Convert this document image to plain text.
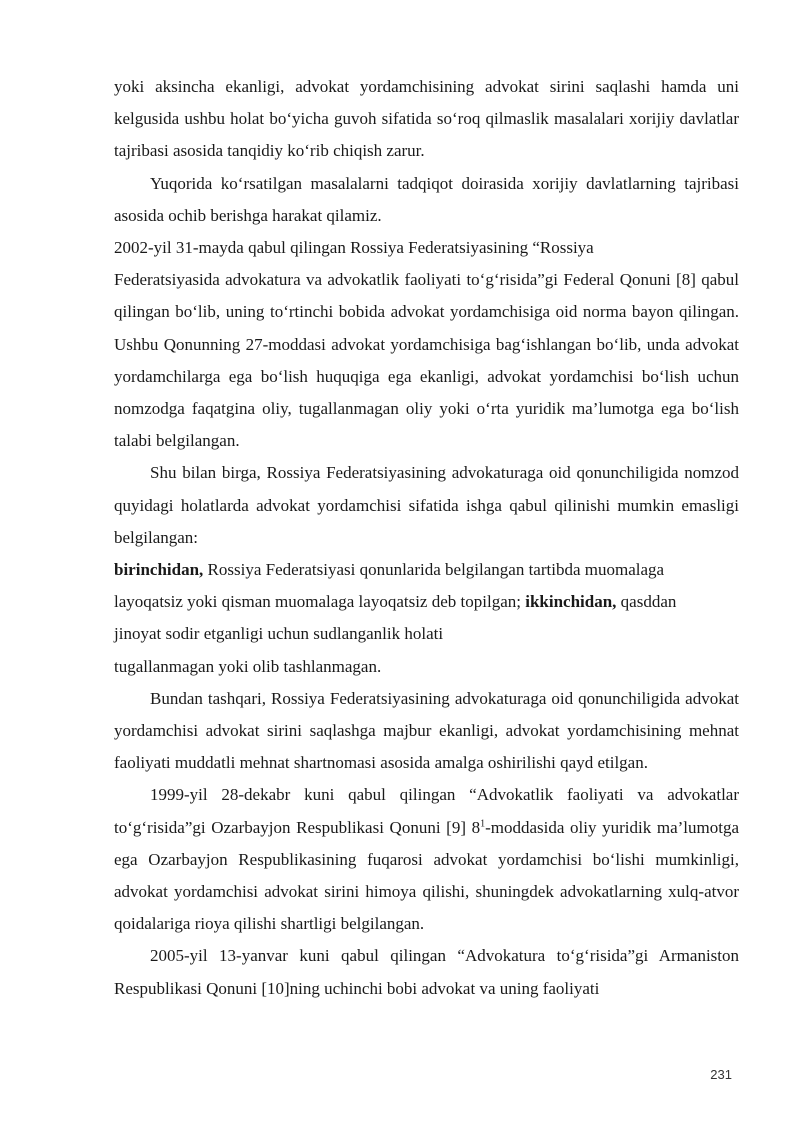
yoki aksincha ekanligi, advokat yordamchisining advokat sirini saqlashi hamda uni kelgusida ushbu holat bo‘yicha guvoh sifatida so‘roq qilmaslik masalalari xorijiy davlatlar tajribasi asosida tanqidiy ko‘rib chiqish zarur.

Yuqorida ko‘rsatilgan masalalarni tadqiqot doirasida xorijiy davlatlarning tajribasi asosida ochib berishga harakat qilamiz.

2002-yil 31-mayda qabul qilingan Rossiya Federatsiyasining “Rossiya

Federatsiyasida advokatura va advokatlik faoliyati to‘g‘risida”gi Federal Qonuni [8] qabul qilingan bo‘lib, uning to‘rtinchi bobida advokat yordamchisiga oid norma bayon qilingan. Ushbu Qonunning 27-moddasi advokat yordamchisiga bag‘ishlangan bo‘lib, unda advokat yordamchilarga ega bo‘lish huquqiga ega ekanligi, advokat yordamchisi bo‘lish uchun nomzodga faqatgina oliy, tugallanmagan oliy yoki o‘rta yuridik ma’lumotga ega bo‘lish talabi belgilangan.

Shu bilan birga, Rossiya Federatsiyasining advokaturaga oid qonunchiligida nomzod quyidagi holatlarda advokat yordamchisi sifatida ishga qabul qilinishi mumkin emasligi belgilangan:

birinchidan, Rossiya Federatsiyasi qonunlarida belgilangan tartibda muomalaga

layoqatsiz yoki qisman muomalaga layoqatsiz deb topilgan; ikkinchidan, qasddan

jinoyat sodir etganligi uchun sudlanganlik holati

tugallanmagan yoki olib tashlanmagan.

Bundan tashqari, Rossiya Federatsiyasining advokaturaga oid qonunchiligida advokat yordamchisi advokat sirini saqlashga majbur ekanligi, advokat yordamchisining mehnat faoliyati muddatli mehnat shartnomasi asosida amalga oshirilishi qayd etilgan.

1999-yil 28-dekabr kuni qabul qilingan “Advokatlik faoliyati va advokatlar to‘g‘risida”gi Ozarbayjon Respublikasi Qonuni [9] $8^1$-moddasida oliy yuridik ma’lumotga ega Ozarbayjon Respublikasining fuqarosi advokat yordamchisi bo‘lishi mumkinligi, advokat yordamchisi advokat sirini himoya qilishi, shuningdek advokatlarning xulq-atvor qoidalariga rioya qilishi shartligi belgilangan.

2005-yil 13-yanvar kuni qabul qilingan “Advokatura to‘g‘risida”gi Armaniston Respublikasi Qonuni [10]ning uchinchi bobi advokat va uning faoliyati

231
